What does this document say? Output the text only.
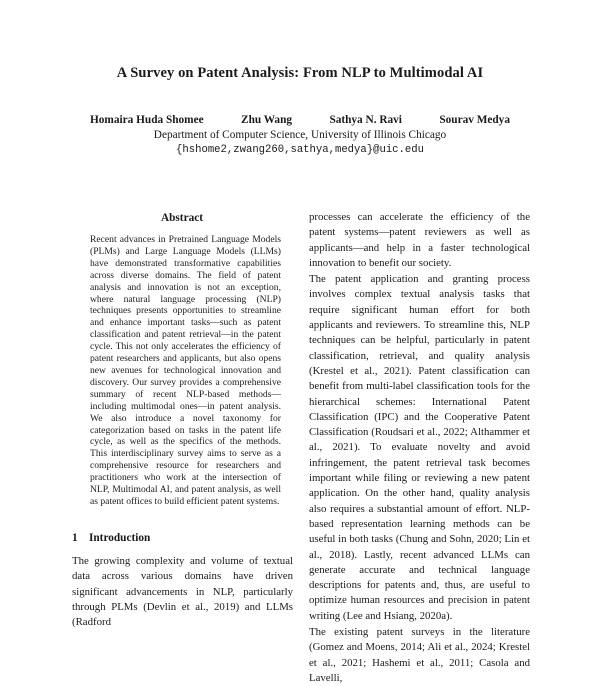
A Survey on Patent Analysis: From NLP to Multimodal AI
Homaira Huda Shomee	Zhu Wang	Sathya N. Ravi	Sourav Medya
Department of Computer Science, University of Illinois Chicago
{hshome2,zwang260,sathya,medya}@uic.edu
Abstract
Recent advances in Pretrained Language Models (PLMs) and Large Language Models (LLMs) have demonstrated transformative capabilities across diverse domains. The field of patent analysis and innovation is not an exception, where natural language processing (NLP) techniques presents opportunities to streamline and enhance important tasks—such as patent classification and patent retrieval—in the patent cycle. This not only accelerates the efficiency of patent researchers and applicants, but also opens new avenues for technological innovation and discovery. Our survey provides a comprehensive summary of recent NLP-based methods—including multimodal ones—in patent analysis. We also introduce a novel taxonomy for categorization based on tasks in the patent life cycle, as well as the specifics of the methods. This interdisciplinary survey aims to serve as a comprehensive resource for researchers and practitioners who work at the intersection of NLP, Multimodal AI, and patent analysis, as well as patent offices to build efficient patent systems.
1 Introduction
The growing complexity and volume of textual data across various domains have driven significant advancements in NLP, particularly through PLMs (Devlin et al., 2019) and LLMs (Radford

processes can accelerate the efficiency of the patent systems—patent reviewers as well as applicants—and help in a faster technological innovation to benefit our society.

The patent application and granting process involves complex textual analysis tasks that require significant human effort for both applicants and reviewers. To streamline this, NLP techniques can be helpful, particularly in patent classification, retrieval, and quality analysis (Krestel et al., 2021). Patent classification can benefit from multi-label classification tools for the hierarchical schemes: International Patent Classification (IPC) and the Cooperative Patent Classification (Roudsari et al., 2022; Althammer et al., 2021). To evaluate novelty and avoid infringement, the patent retrieval task becomes important while filing or reviewing a new patent application. On the other hand, quality analysis also requires a substantial amount of effort. NLP-based representation learning methods can be useful in both tasks (Chung and Sohn, 2020; Lin et al., 2018). Lastly, recent advanced LLMs can generate accurate and technical language descriptions for patents and, thus, are useful to optimize human resources and precision in patent writing (Lee and Hsiang, 2020a).

The existing patent surveys in the literature (Gomez and Moens, 2014; Ali et al., 2024; Krestel et al., 2021; Hashemi et al., 2011; Casola and Lavelli,
